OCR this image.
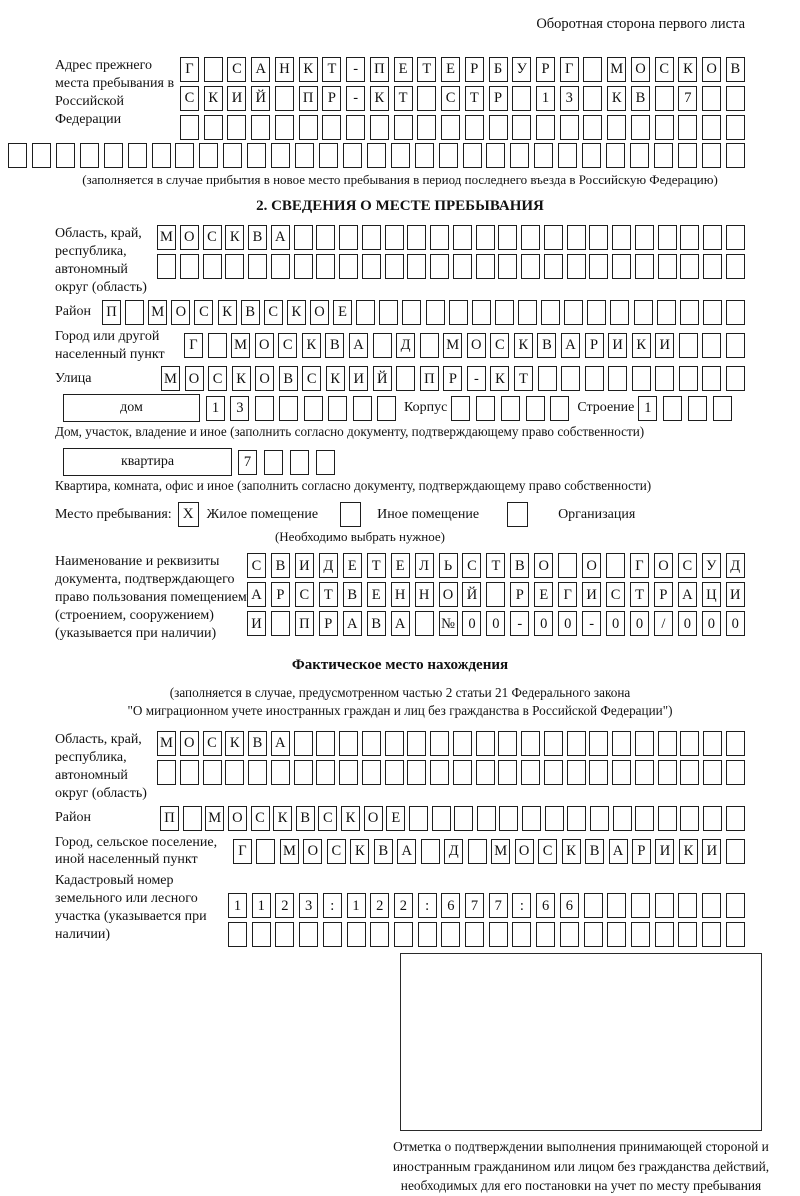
Оборотная сторона первого листа
Адрес прежнего места пребывания в Российской Федерации
Г	С А Н К Т	-	П Е	Т	Е	Р	Б У	Р	Г	М О С К О В
С К И Й	П Р	-	К Т	С Т	Р	1	3	К В	7
(заполняется в случае прибытия в новое место пребывания в период последнего въезда в Российскую Федерацию)
2. СВЕДЕНИЯ О МЕСТЕ ПРЕБЫВАНИЯ
Область, край, республика, автономный округ (область)
М О С К В А
Район	П М О С К В С К О Е
Город или другой населенный пункт
Г	М О С К В А	Д	М О С К В А Р И К И
Улица	М О С К О В С К И Й	П Р	-	К Т
дом	1	3	Корпус	Строение 1
Дом, участок, владение и иное (заполнить согласно документу, подтверждающему право собственности)
квартира	7
Квартира, комната, офис и иное (заполнить согласно документу, подтверждающему право собственности)
Место пребывания: X Жилое помещение	Иное помещение	Организация
(Необходимо выбрать нужное)
Наименование и реквизиты документа, подтверждающего право пользования помещением (строением, сооружением) (указывается при наличии)
С В И Д	Е	Т	Е	Л	Ь	С	Т	В О	О	Г	О С У Д
А	Р	С	Т	В	Е Н Н О Й	Р	Е	Г	И С	Т	Р	А Ц И
И	П	Р	А В А № 0	0	-	0	0	-	0	0	/	0	0	0
Фактическое место нахождения
(заполняется в случае, предусмотренном частью 2 статьи 21 Федерального закона
"О миграционном учете иностранных граждан и лиц без гражданства в Российской Федерации")
Область, край, республика, автономный округ (область)
М О С К В А
Район	П М О С К В С К О Е
Город, сельское поселение, иной населенный пункт
Г	М О С К В А	Д	М О С К В А Р И К И
Кадастровый номер земельного или лесного участка (указывается при наличии)
1	1	2	3	:	1	2	2	:	6	7	7	:	6	6
Отметка о подтверждении выполнения принимающей стороной и иностранным гражданином или лицом без гражданства действий, необходимых для его постановки на учет по месту пребывания
